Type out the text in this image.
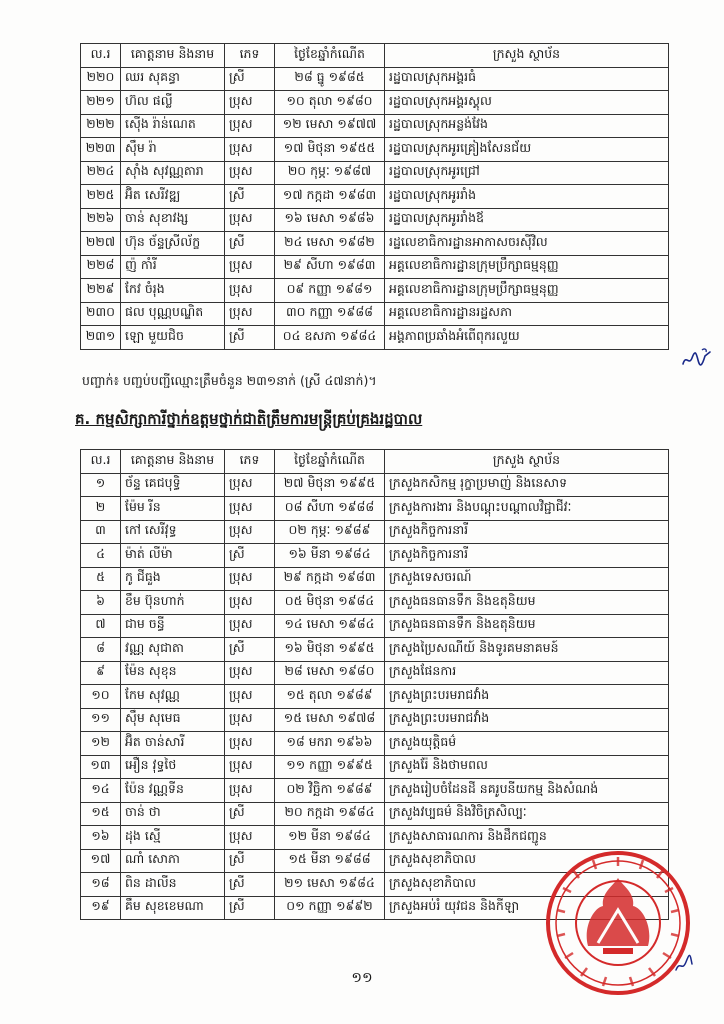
ល.រ	គោត្តនាម និងនាម	ភេទ	ថ្ងៃខែឆ្នាំកំណើត	ក្រសួង ស្ថាប័ន
២២០	ឈរ សុគន្ធា	ស្រី	២៨ ធ្នូ ១៩៨៥	រដ្ឋបាលស្រុកអង្គរធំ
២២១	ហ៊ល ផល្លី	ប្រុស	១០ តុលា ១៩៨០	រដ្ឋបាលស្រុកអង្គរស្គុល
២២២	ស៊ើង រ៉ាន់ណេត	ប្រុស	១២ មេសា ១៩៧៧	រដ្ឋបាលស្រុកអន្លង់វែង
២២៣	ស៊ឹម រ៉ា	ប្រុស	១៧ មិថុនា ១៩៥៥	រដ្ឋបាលស្រុកអូរគ្រៀងសែនជ័យ
២២៤	ស៊ាំង សុវណ្ណតារា	ប្រុស	២០ កុម្ភៈ ១៩៨៧	រដ្ឋបាលស្រុកអូរជ្រៅ
២២៥	អ៊ិត សេរីវឌ្ឍ	ស្រី	១៧ កក្កដា ១៩៨៣	រដ្ឋបាលស្រុកអូររាំង
២២៦	ចាន់ សុខាវង្ស	ប្រុស	១៦ មេសា ១៩៨៦	រដ្ឋបាលស្រុកអូររាំងឪ
២២៧	ហ៊ុន ច័ន្ទស្រីល័ក្ខ	ស្រី	២៤ មេសា ១៩៨២	រដ្ឋលេខាធិការដ្ឋានអាកាសចរស៊ីវិល
២២៨	ញ៉ កាំរី	ប្រុស	២៩ សីហា ១៩៨៣	អគ្គលេខាធិការដ្ឋានក្រុមប្រឹក្សាធម្មនុញ្ញ
២២៩	កែវ ចំរុង	ប្រុស	០៩ កញ្ញា ១៩៨១	អគ្គលេខាធិការដ្ឋានក្រុមប្រឹក្សាធម្មនុញ្ញ
២៣០	ផល បុណ្ណបណ្ឌិត	ប្រុស	៣០ កញ្ញា ១៩៨៨	អគ្គលេខាធិការដ្ឋានរដ្ឋសភា
២៣១	ឡោ មួយជិច	ស្រី	០៤ ឧសភា ១៩៨៤	អង្គភាពប្រឆាំងអំពើពុករលួយ
បញ្ចាក់៖ បញ្ជប់បញ្ជីឈ្មោះត្រឹមចំនួន ២៣១នាក់ (ស្រី ៤៧នាក់)។
គ. កម្មសិក្សាការីថ្នាក់ឧត្តមថ្នាក់ជាតិត្រឹមការមន្ត្រីគ្រប់គ្រងរដ្ឋបាល
ល.រ	គោត្តនាម និងនាម	ភេទ	ថ្ងៃខែឆ្នាំកំណើត	ក្រសួង ស្ថាប័ន
១	ច័ន្ទ គេជបុទ្ធិ	ប្រុស	២៧ មិថុនា ១៩៩៥	ក្រសួងកសិកម្ម រុក្ខាប្រមាញ់ និងនេសាទ
២	ម៉ែម រីន	ប្រុស	០៨ សីហា ១៩៨៨	ក្រសួងការងារ និងបណ្តុះបណ្តាលវិជ្ជាជីវៈ
៣	កៅ សេរីវុទ្ធ	ប្រុស	០២ កុម្ភៈ ១៩៨៩	ក្រសួងកិច្ចការនារី
៤	ម៉ាត់ លីម៉ា	ស្រី	១៦ មីនា ១៩៨៤	ក្រសួងកិច្ចការនារី
៥	កូ ជីធួង	ប្រុស	២៩ កក្កដា ១៩៨៣	ក្រសួងទេសចរណ៍
៦	ខឹម ប៊ុនហាក់	ប្រុស	០៥ មិថុនា ១៩៨៤	ក្រសួងធនធានទឹក និងឧតុនិយម
៧	ជាម ចន្ធី	ប្រុស	១៤ មេសា ១៩៨៤	ក្រសួងធនធានទឹក និងឧតុនិយម
៨	វណ្ណ សុជាតា	ស្រី	១៦ មិថុនា ១៩៩៥	ក្រសួងប្រៃសណីយ៍ និងទូរគមនាគមន៍
៩	ម៉ែន សុខុន	ប្រុស	២៨ មេសា ១៩៨០	ក្រសួងផែនការ
១០	កែម សុវណ្ណ	ប្រុស	១៥ តុលា ១៩៨៩	ក្រសួងព្រះបរមរាជវាំង
១១	ស៊ឹម សុមេធ	ប្រុស	១៥ មេសា ១៩៧៨	ក្រសួងព្រះបរមរាជវាំង
១២	អ៊ិត ចាន់សារី	ប្រុស	១៨ មករា ១៩៦៦	ក្រសួងយុត្តិធម៌
១៣	អឿន វុទ្ធថៃ	ប្រុស	១១ កញ្ញា ១៩៩៥	ក្រសួងរ៉ែ និងថាមពល
១៤	ប៉ែន វណ្ណទីន	ប្រុស	០២ វិច្ឆិកា ១៩៨៩	ក្រសួងរៀបចំដែនដី នគរូបនីយកម្ម និងសំណង់
១៥	ចាន់ ថា	ស្រី	២០ កក្កដា ១៩៨៤	ក្រសួងវប្បធម៌ និងវិចិត្រសិល្បៈ
១៦	ដុង ស្មើ	ប្រុស	១២ មីនា ១៩៨៤	ក្រសួងសាធារណការ និងដឹកជញ្ជូន
១៧	ណាំ សោភា	ស្រី	១៥ មីនា ១៩៨៨	ក្រសួងសុខាភិបាល
១៨	ពិន ដាលីន	ស្រី	២១ មេសា ១៩៨៤	ក្រសួងសុខាភិបាល
១៩	គឹម សុខខេមណា	ស្រី	០១ កញ្ញា ១៩៩២	ក្រសួងអប់រំ យុវជន និងកីឡា
១១
